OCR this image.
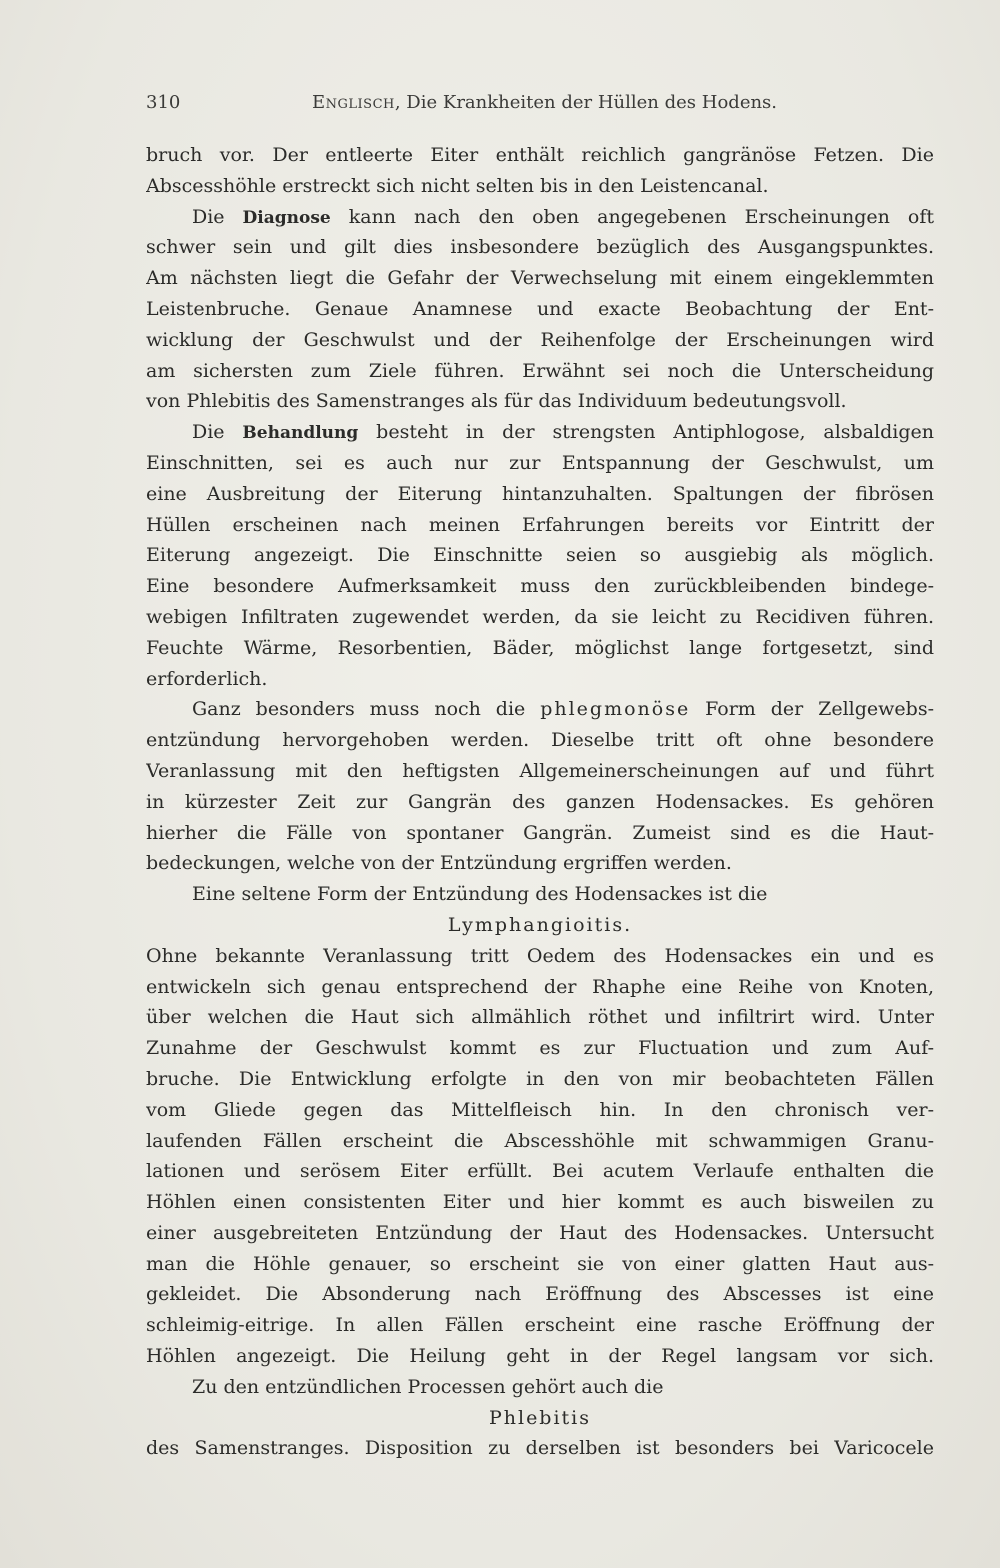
310	Englisch, Die Krankheiten der Hüllen des Hodens.
bruch vor. Der entleerte Eiter enthält reichlich gangränöse Fetzen. Die
Abscesshöhle erstreckt sich nicht selten bis in den Leistencanal.
Die Diagnose kann nach den oben angegebenen Erscheinungen oft
schwer sein und gilt dies insbesondere bezüglich des Ausgangspunktes.
Am nächsten liegt die Gefahr der Verwechselung mit einem eingeklemmten
Leistenbruche. Genaue Anamnese und exacte Beobachtung der Ent-
wicklung der Geschwulst und der Reihenfolge der Erscheinungen wird
am sichersten zum Ziele führen. Erwähnt sei noch die Unterscheidung
von Phlebitis des Samenstranges als für das Individuum bedeutungsvoll.
Die Behandlung besteht in der strengsten Antiphlogose, alsbaldigen
Einschnitten, sei es auch nur zur Entspannung der Geschwulst, um
eine Ausbreitung der Eiterung hintanzuhalten. Spaltungen der fibrösen
Hüllen erscheinen nach meinen Erfahrungen bereits vor Eintritt der
Eiterung angezeigt. Die Einschnitte seien so ausgiebig als möglich.
Eine besondere Aufmerksamkeit muss den zurückbleibenden bindege-
webigen Infiltraten zugewendet werden, da sie leicht zu Recidiven führen.
Feuchte Wärme, Resorbentien, Bäder, möglichst lange fortgesetzt, sind
erforderlich.
Ganz besonders muss noch die phlegmonöse Form der Zellgewebs-
entzündung hervorgehoben werden. Dieselbe tritt oft ohne besondere
Veranlassung mit den heftigsten Allgemeinerscheinungen auf und führt
in kürzester Zeit zur Gangrän des ganzen Hodensackes. Es gehören
hierher die Fälle von spontaner Gangrän. Zumeist sind es die Haut-
bedeckungen, welche von der Entzündung ergriffen werden.
Eine seltene Form der Entzündung des Hodensackes ist die
Lymphangioitis.
Ohne bekannte Veranlassung tritt Oedem des Hodensackes ein und es
entwickeln sich genau entsprechend der Rhaphe eine Reihe von Knoten,
über welchen die Haut sich allmählich röthet und infiltrirt wird. Unter
Zunahme der Geschwulst kommt es zur Fluctuation und zum Auf-
bruche. Die Entwicklung erfolgte in den von mir beobachteten Fällen
vom Gliede gegen das Mittelfleisch hin. In den chronisch ver-
laufenden Fällen erscheint die Abscesshöhle mit schwammigen Granu-
lationen und serösem Eiter erfüllt. Bei acutem Verlaufe enthalten die
Höhlen einen consistenten Eiter und hier kommt es auch bisweilen zu
einer ausgebreiteten Entzündung der Haut des Hodensackes. Untersucht
man die Höhle genauer, so erscheint sie von einer glatten Haut aus-
gekleidet. Die Absonderung nach Eröffnung des Abscesses ist eine
schleimig-eitrige. In allen Fällen erscheint eine rasche Eröffnung der
Höhlen angezeigt. Die Heilung geht in der Regel langsam vor sich.
Zu den entzündlichen Processen gehört auch die
Phlebitis
des Samenstranges. Disposition zu derselben ist besonders bei Varicocele
